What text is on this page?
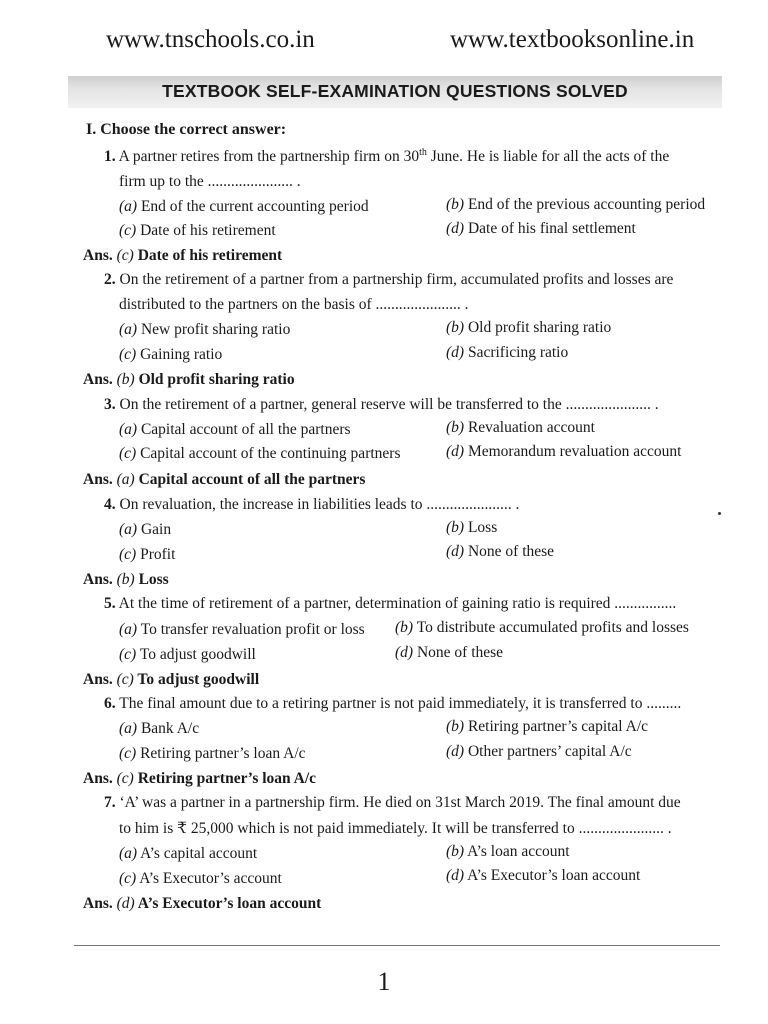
www.tnschools.co.in	www.textbooksonline.in
TEXTBOOK SELF-EXAMINATION QUESTIONS SOLVED
I. Choose the correct answer:
1. A partner retires from the partnership firm on 30th June. He is liable for all the acts of the
firm up to the ...................... .
(a) End of the current accounting period	(b) End of the previous accounting period
(c) Date of his retirement	(d) Date of his final settlement
Ans. (c) Date of his retirement
2. On the retirement of a partner from a partnership firm, accumulated profits and losses are
distributed to the partners on the basis of ...................... .
(a) New profit sharing ratio	(b) Old profit sharing ratio
(c) Gaining ratio	(d) Sacrificing ratio
Ans. (b) Old profit sharing ratio
3. On the retirement of a partner, general reserve will be transferred to the ...................... .
(a) Capital account of all the partners	(b) Revaluation account
(c) Capital account of the continuing partners	(d) Memorandum revaluation account
Ans. (a) Capital account of all the partners
4. On revaluation, the increase in liabilities leads to ...................... .
(a) Gain	(b) Loss
(c) Profit	(d) None of these
Ans. (b) Loss
5. At the time of retirement of a partner, determination of gaining ratio is required ................
(a) To transfer revaluation profit or loss (b) To distribute accumulated profits and losses
(c) To adjust goodwill	(d) None of these
Ans. (c) To adjust goodwill
6. The final amount due to a retiring partner is not paid immediately, it is transferred to .........
(a) Bank A/c	(b) Retiring partner’s capital A/c
(c) Retiring partner’s loan A/c	(d) Other partners’ capital A/c
Ans. (c) Retiring partner’s loan A/c
7. ‘A’ was a partner in a partnership firm. He died on 31st March 2019. The final amount due
to him is ₹ 25,000 which is not paid immediately. It will be transferred to ...................... .
(a) A’s capital account	(b) A’s loan account
(c) A’s Executor’s account	(d) A’s Executor’s loan account
Ans. (d) A’s Executor’s loan account
1
